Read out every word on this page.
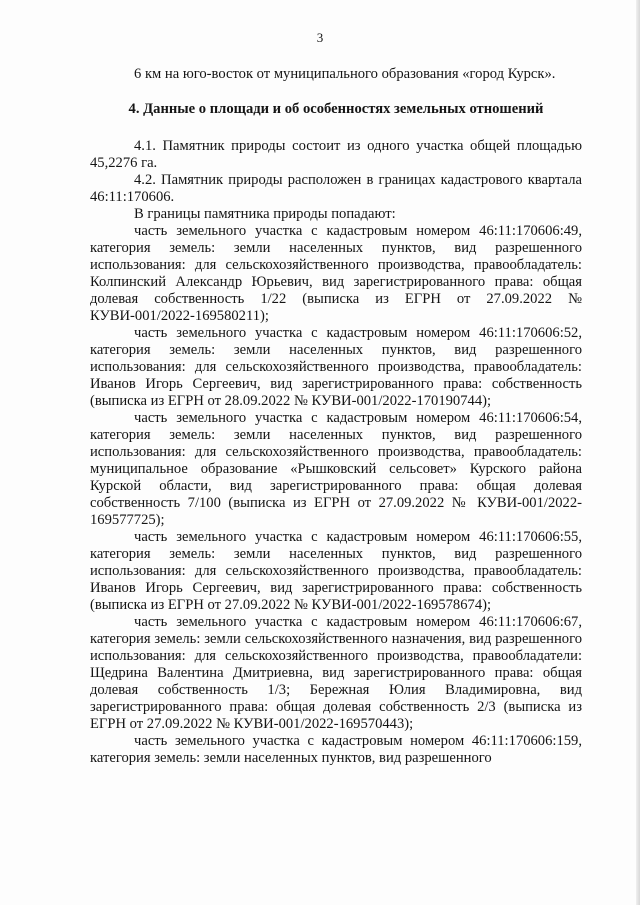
3

6 км на юго-восток от муниципального образования «город Курск».

4. Данные о площади и об особенностях земельных отношений

4.1. Памятник природы состоит из одного участка общей площадью 45,2276 га.

4.2. Памятник природы расположен в границах кадастрового квартала 46:11:170606.

В границы памятника природы попадают:

часть земельного участка с кадастровым номером 46:11:170606:49, категория земель: земли населенных пунктов, вид разрешенного использования: для сельскохозяйственного производства, правообладатель: Колпинский Александр Юрьевич, вид зарегистрированного права: общая долевая собственность 1/22 (выписка из ЕГРН от 27.09.2022 № КУВИ-001/2022-169580211);

часть земельного участка с кадастровым номером 46:11:170606:52, категория земель: земли населенных пунктов, вид разрешенного использования: для сельскохозяйственного производства, правообладатель: Иванов Игорь Сергеевич, вид зарегистрированного права: собственность (выписка из ЕГРН от 28.09.2022 № КУВИ-001/2022-170190744);

часть земельного участка с кадастровым номером 46:11:170606:54, категория земель: земли населенных пунктов, вид разрешенного использования: для сельскохозяйственного производства, правообладатель: муниципальное образование «Рышковский сельсовет» Курского района Курской области, вид зарегистрированного права: общая долевая собственность 7/100 (выписка из ЕГРН от 27.09.2022 № КУВИ-001/2022-169577725);

часть земельного участка с кадастровым номером 46:11:170606:55, категория земель: земли населенных пунктов, вид разрешенного использования: для сельскохозяйственного производства, правообладатель: Иванов Игорь Сергеевич, вид зарегистрированного права: собственность (выписка из ЕГРН от 27.09.2022 № КУВИ-001/2022-169578674);

часть земельного участка с кадастровым номером 46:11:170606:67, категория земель: земли сельскохозяйственного назначения, вид разрешенного использования: для сельскохозяйственного производства, правообладатели: Щедрина Валентина Дмитриевна, вид зарегистрированного права: общая долевая собственность 1/3; Бережная Юлия Владимировна, вид зарегистрированного права: общая долевая собственность 2/3 (выписка из ЕГРН от 27.09.2022 № КУВИ-001/2022-169570443);

часть земельного участка с кадастровым номером 46:11:170606:159, категория земель: земли населенных пунктов, вид разрешенного
